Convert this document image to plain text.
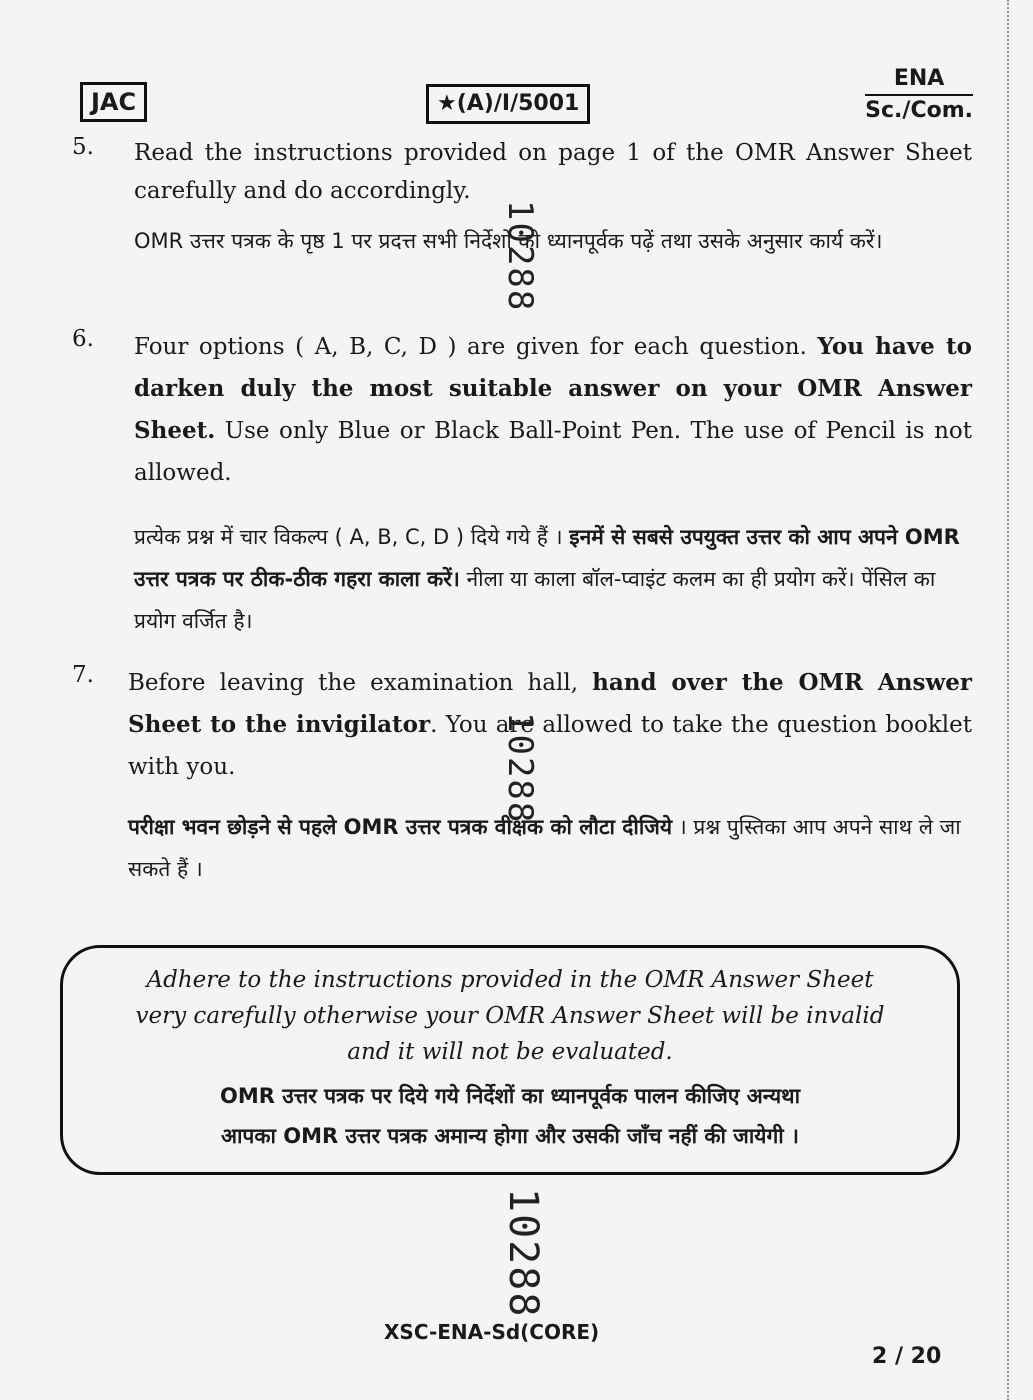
JAC	★(A)/I/5001
ENA
Sc./Com.
5. Read the instructions provided on page 1 of the OMR Answer Sheet carefully and do accordingly.
OMR उत्तर पत्रक के पृष्ठ 1 पर प्रदत्त सभी निर्देशों को ध्यानपूर्वक पढ़ें तथा उसके अनुसार कार्य करें।
6. Four options ( A, B, C, D ) are given for each question. You have to darken duly the most suitable answer on your OMR Answer Sheet. Use only Blue or Black Ball-Point Pen. The use of Pencil is not allowed.
प्रत्येक प्रश्न में चार विकल्प ( A, B, C, D ) दिये गये हैं । इनमें से सबसे उपयुक्त उत्तर को आप अपने OMR उत्तर पत्रक पर ठीक-ठीक गहरा काला करें। नीला या काला बॉल-प्वाइंट कलम का ही प्रयोग करें। पेंसिल का प्रयोग वर्जित है।
7. Before leaving the examination hall, hand over the OMR Answer Sheet to the invigilator. You are allowed to take the question booklet with you.
परीक्षा भवन छोड़ने से पहले OMR उत्तर पत्रक वीक्षक को लौटा दीजिये । प्रश्न पुस्तिका आप अपने साथ ले जा सकते हैं ।
10288
10288
10288
Adhere to the instructions provided in the OMR Answer Sheet
very carefully otherwise your OMR Answer Sheet will be invalid
and it will not be evaluated.
OMR उत्तर पत्रक पर दिये गये निर्देशों का ध्यानपूर्वक पालन कीजिए अन्यथा
आपका OMR उत्तर पत्रक अमान्य होगा और उसकी जाँच नहीं की जायेगी ।
XSC-ENA-Sd(CORE)
2 / 20
